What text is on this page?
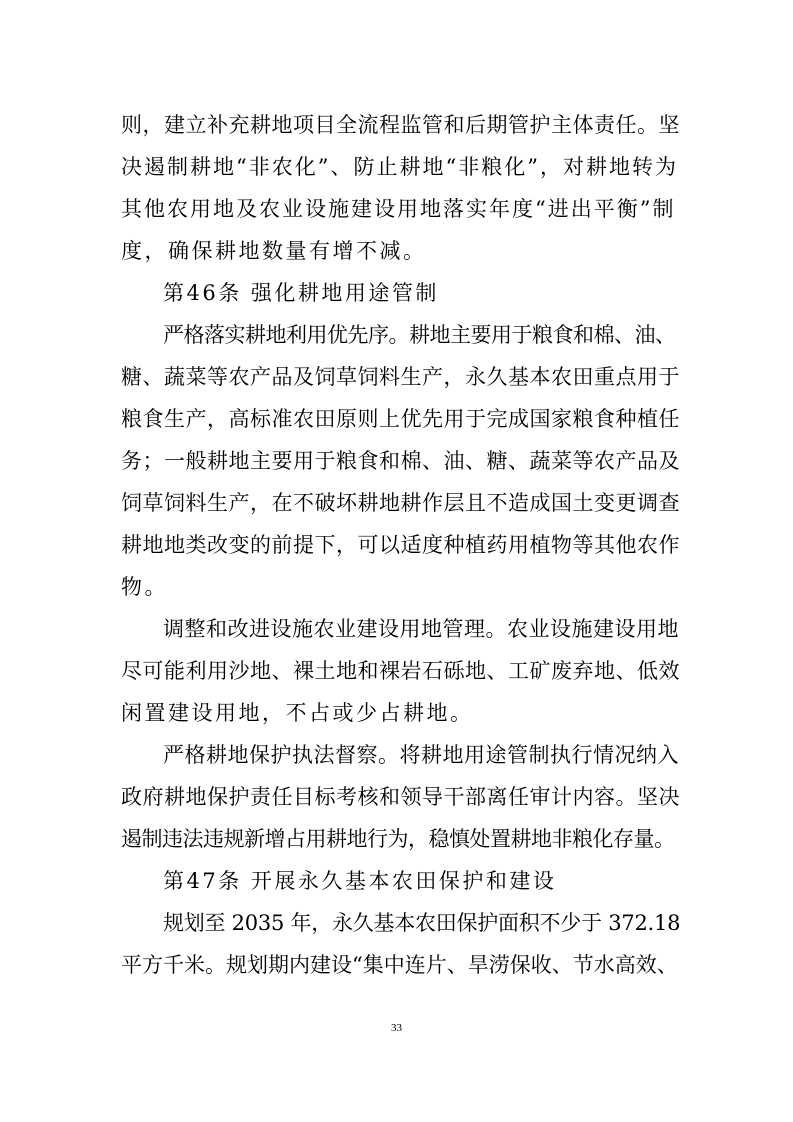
则，建立补充耕地项目全流程监管和后期管护主体责任。坚
决遏制耕地“非农化”、防止耕地“非粮化”，对耕地转为
其他农用地及农业设施建设用地落实年度“进出平衡”制
度，确保耕地数量有增不减。
第46条 强化耕地用途管制
严格落实耕地利用优先序。耕地主要用于粮食和棉、油、
糖、蔬菜等农产品及饲草饲料生产，永久基本农田重点用于
粮食生产，高标准农田原则上优先用于完成国家粮食种植任
务；一般耕地主要用于粮食和棉、油、糖、蔬菜等农产品及
饲草饲料生产，在不破坏耕地耕作层且不造成国土变更调查
耕地地类改变的前提下，可以适度种植药用植物等其他农作
物。
调整和改进设施农业建设用地管理。农业设施建设用地
尽可能利用沙地、裸土地和裸岩石砾地、工矿废弃地、低效
闲置建设用地，不占或少占耕地。
严格耕地保护执法督察。将耕地用途管制执行情况纳入
政府耕地保护责任目标考核和领导干部离任审计内容。坚决
遏制违法违规新增占用耕地行为，稳慎处置耕地非粮化存量。
第47条 开展永久基本农田保护和建设
规划至 2035 年，永久基本农田保护面积不少于 372.18
平方千米。规划期内建设“集中连片、旱涝保收、节水高效、
33
